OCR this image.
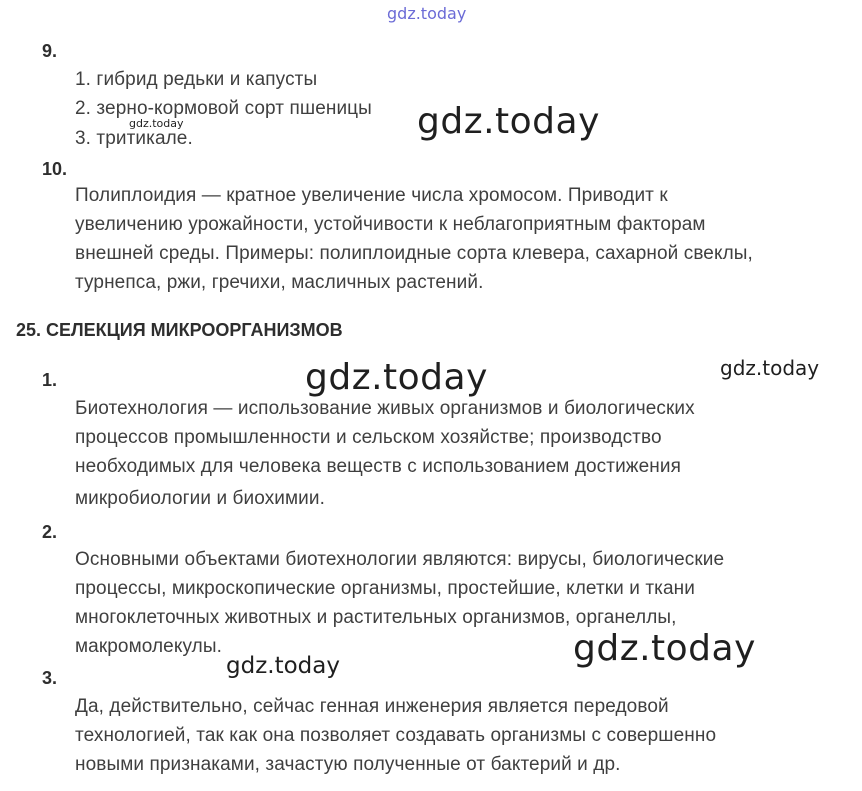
gdz.today
9.
1. гибрид редьки и капусты
2. зерно-кормовой сорт пшеницы
gdz.today
3. тритикале.	gdz.today
10.
Полиплоидия — кратное увеличение числа хромосом. Приводит к
увеличению урожайности, устойчивости к неблагоприятным факторам
внешней среды. Примеры: полиплоидные сорта клевера, сахарной свеклы,
турнепса, ржи, гречихи, масличных растений.
25. СЕЛЕКЦИЯ МИКРООРГАНИЗМОВ
gdz.today	gdz.today
1.
Биотехнология — использование живых организмов и биологических
процессов промышленности и сельском хозяйстве; производство
необходимых для человека веществ с использованием достижения
микробиологии и биохимии.
2.
Основными объектами биотехнологии являются: вирусы, биологические
процессы, микроскопические организмы, простейшие, клетки и ткани
многоклеточных животных и растительных организмов, органеллы,
макромолекулы.	gdz.today
gdz.today
3.
Да, действительно, сейчас генная инженерия является передовой
технологией, так как она позволяет создавать организмы с совершенно
новыми признаками, зачастую полученные от бактерий и др.
